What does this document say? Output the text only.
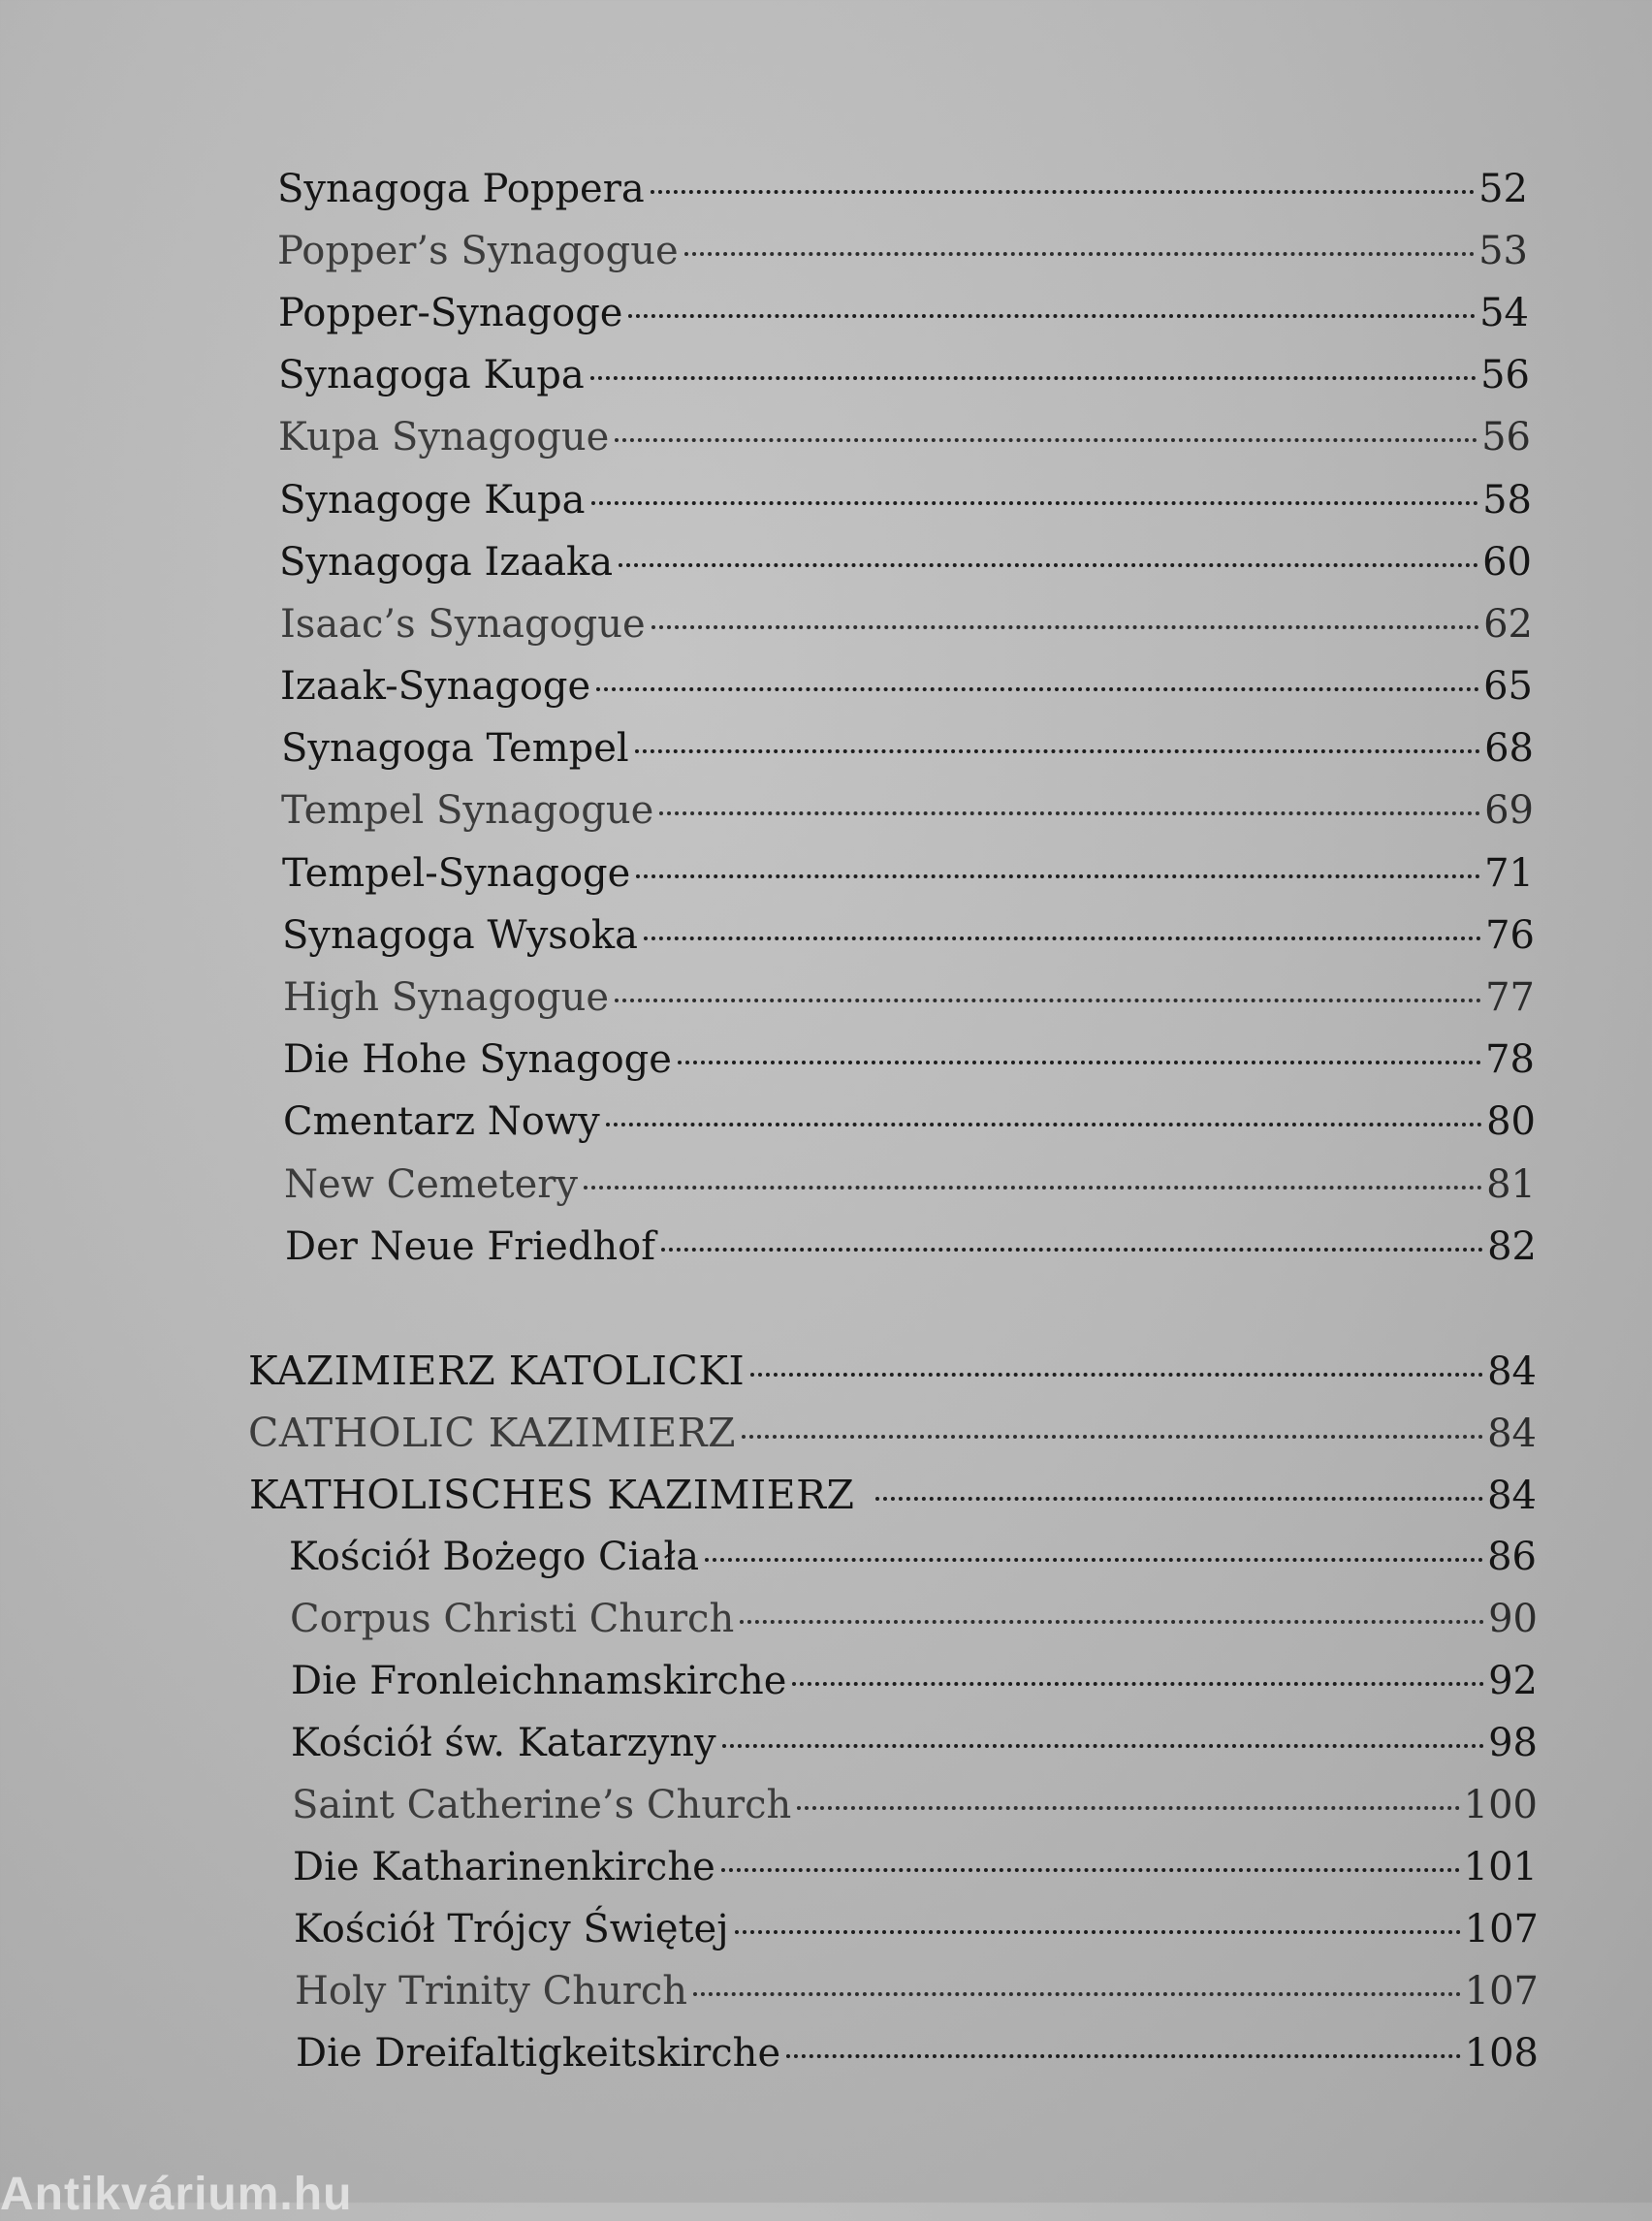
Synagoga Poppera	52
Popper’s Synagogue	53
Popper-Synagoge	54
Synagoga Kupa	56
Kupa Synagogue	56
Synagoge Kupa	58
Synagoga Izaaka	60
Isaac’s Synagogue	62
Izaak-Synagoge	65
Synagoga Tempel	68
Tempel Synagogue	69
Tempel-Synagoge	71
Synagoga Wysoka	76
High Synagogue	77
Die Hohe Synagoge	78
Cmentarz Nowy	80
New Cemetery	81
Der Neue Friedhof	82
KAZIMIERZ KATOLICKI	84
CATHOLIC KAZIMIERZ	84
KATHOLISCHES KAZIMIERZ	84
Kościół Bożego Ciała	86
Corpus Christi Church	90
Die Fronleichnamskirche	92
Kościół św. Katarzyny	98
Saint Catherine’s Church	100
Die Katharinenkirche	101
Kościół Trójcy Świętej	107
Holy Trinity Church	107
Die Dreifaltigkeitskirche	108
Antikvárium.hu
